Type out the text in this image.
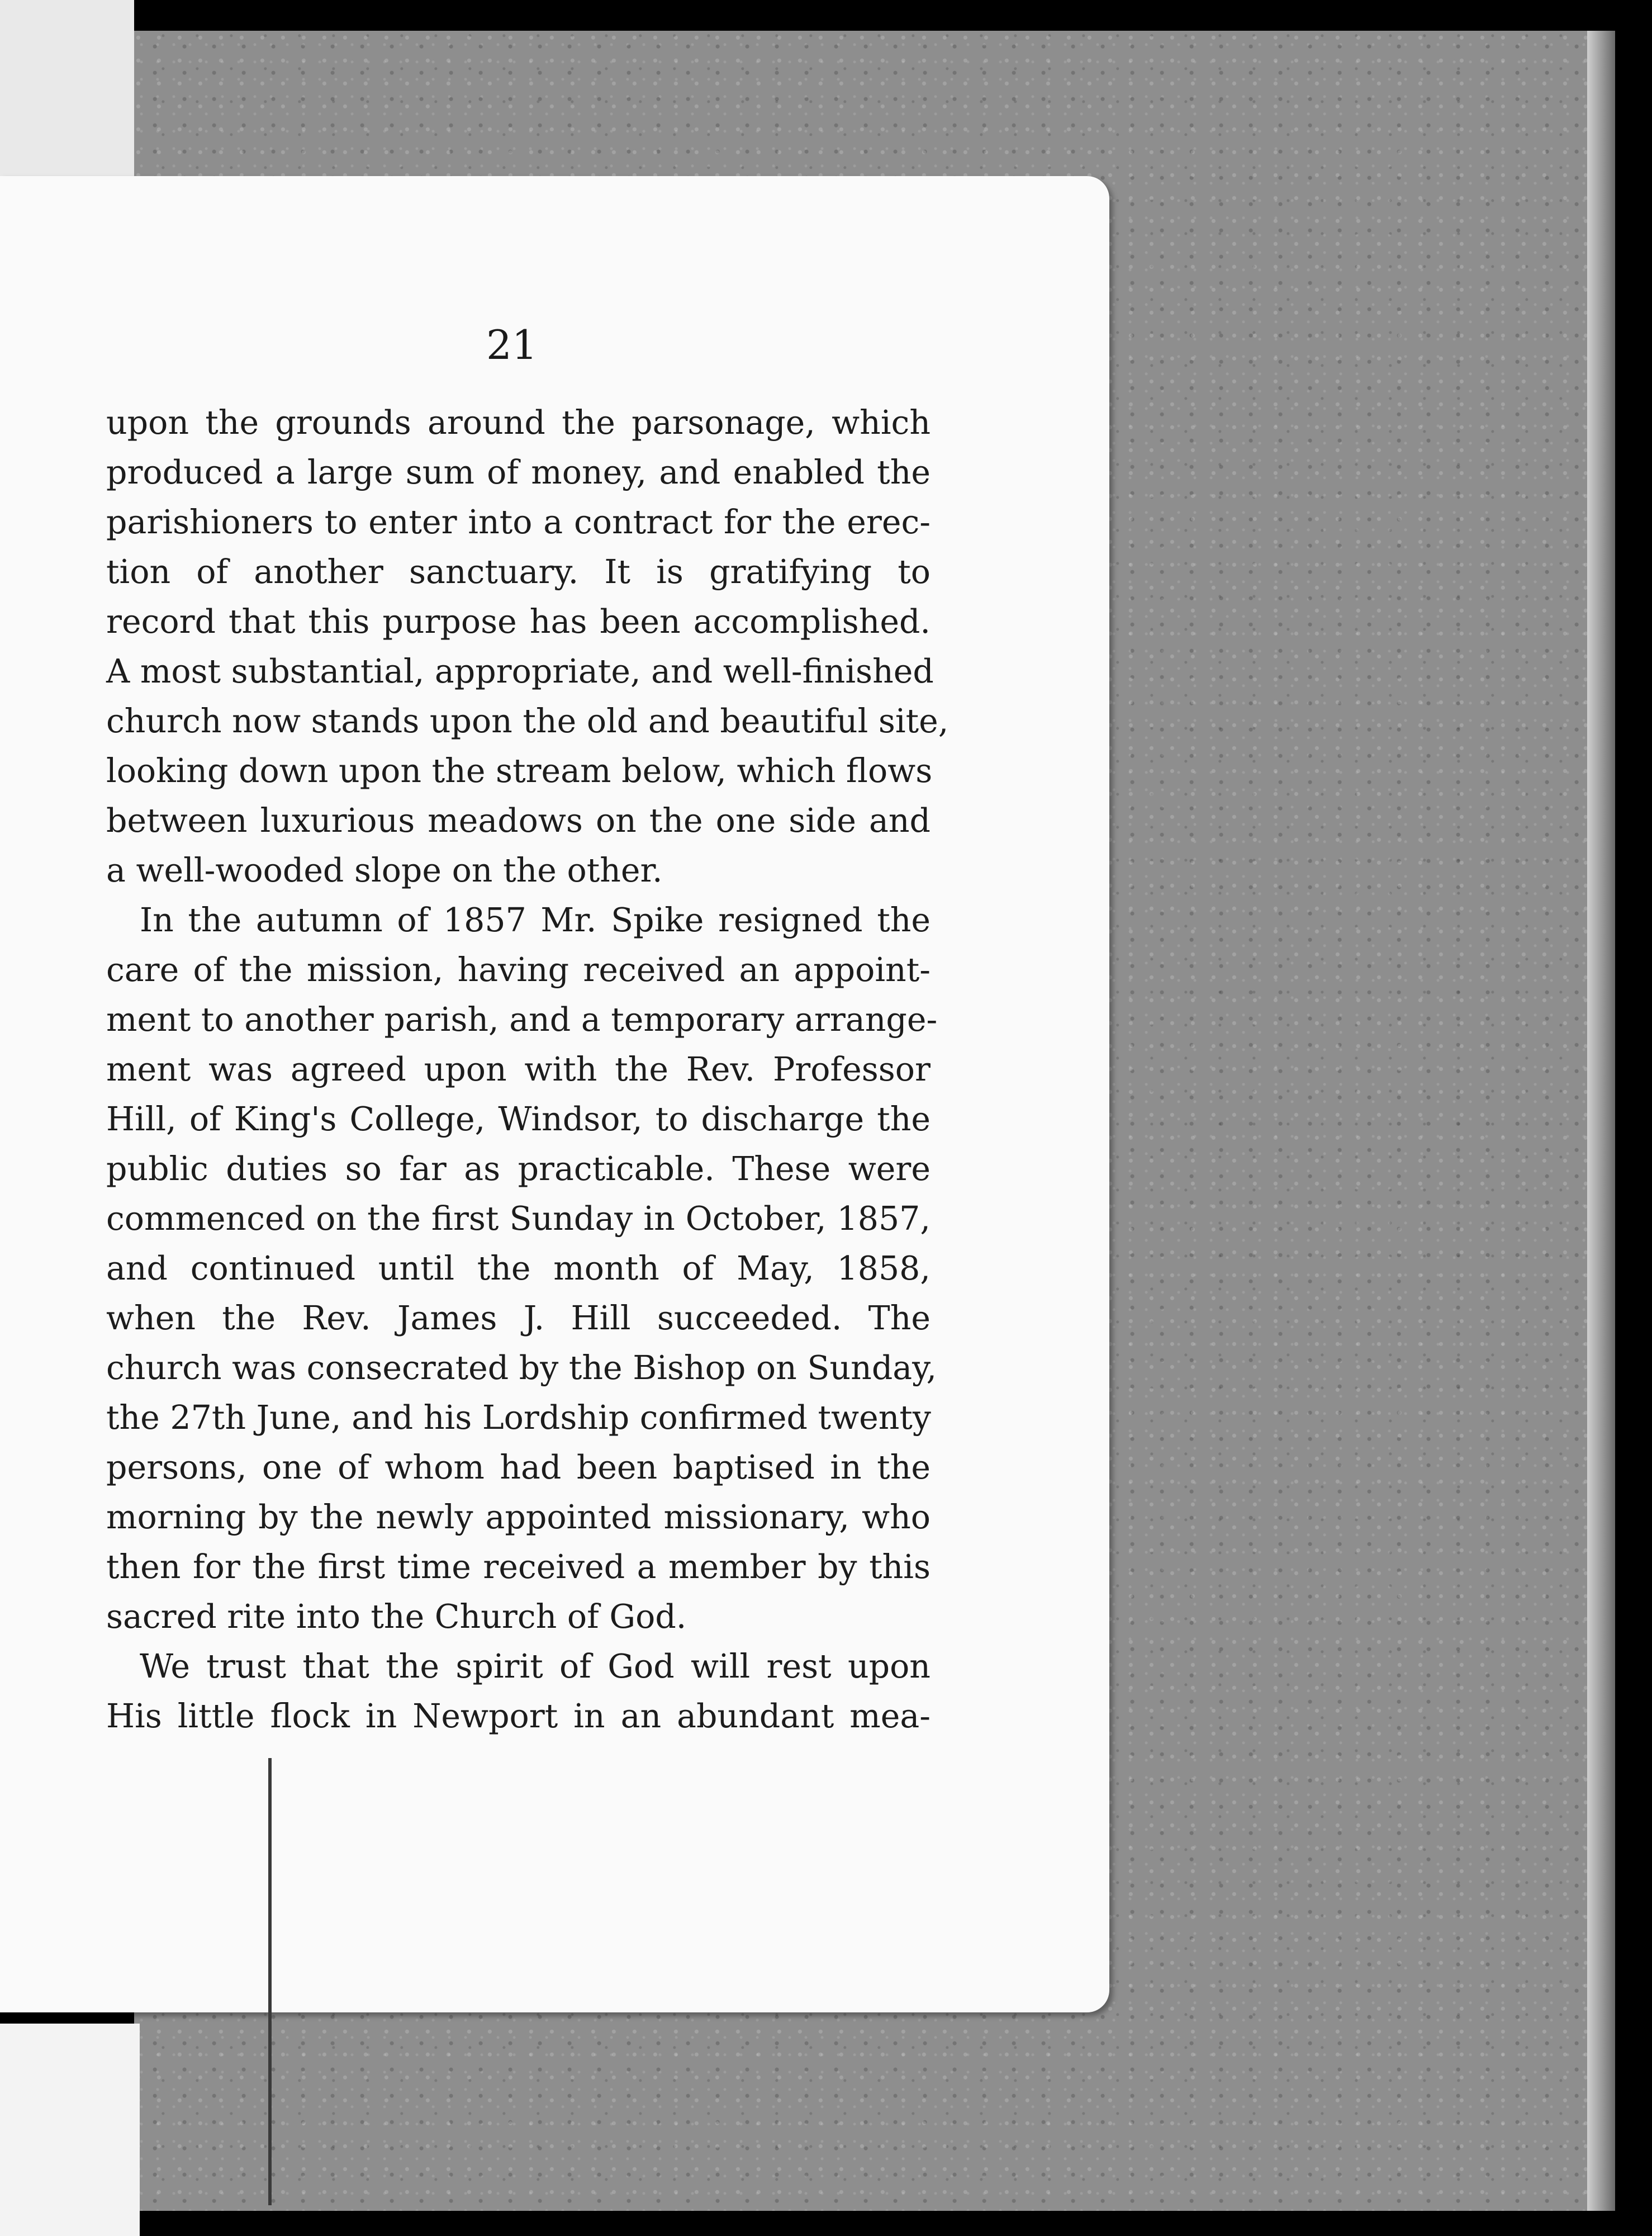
21
upon the grounds around the parsonage, which
produced a large sum of money, and enabled the
parishioners to enter into a contract for the erec-
tion of another sanctuary. It is gratifying to
record that this purpose has been accomplished.
A most substantial, appropriate, and well-finished
church now stands upon the old and beautiful site,
looking down upon the stream below, which flows
between luxurious meadows on the one side and
a well-wooded slope on the other.
In the autumn of 1857 Mr. Spike resigned the
care of the mission, having received an appoint-
ment to another parish, and a temporary arrange-
ment was agreed upon with the Rev. Professor
Hill, of King's College, Windsor, to discharge the
public duties so far as practicable. These were
commenced on the first Sunday in October, 1857,
and continued until the month of May, 1858,
when the Rev. James J. Hill succeeded. The
church was consecrated by the Bishop on Sunday,
the 27th June, and his Lordship confirmed twenty
persons, one of whom had been baptised in the
morning by the newly appointed missionary, who
then for the first time received a member by this
sacred rite into the Church of God.
We trust that the spirit of God will rest upon
His little flock in Newport in an abundant mea-
